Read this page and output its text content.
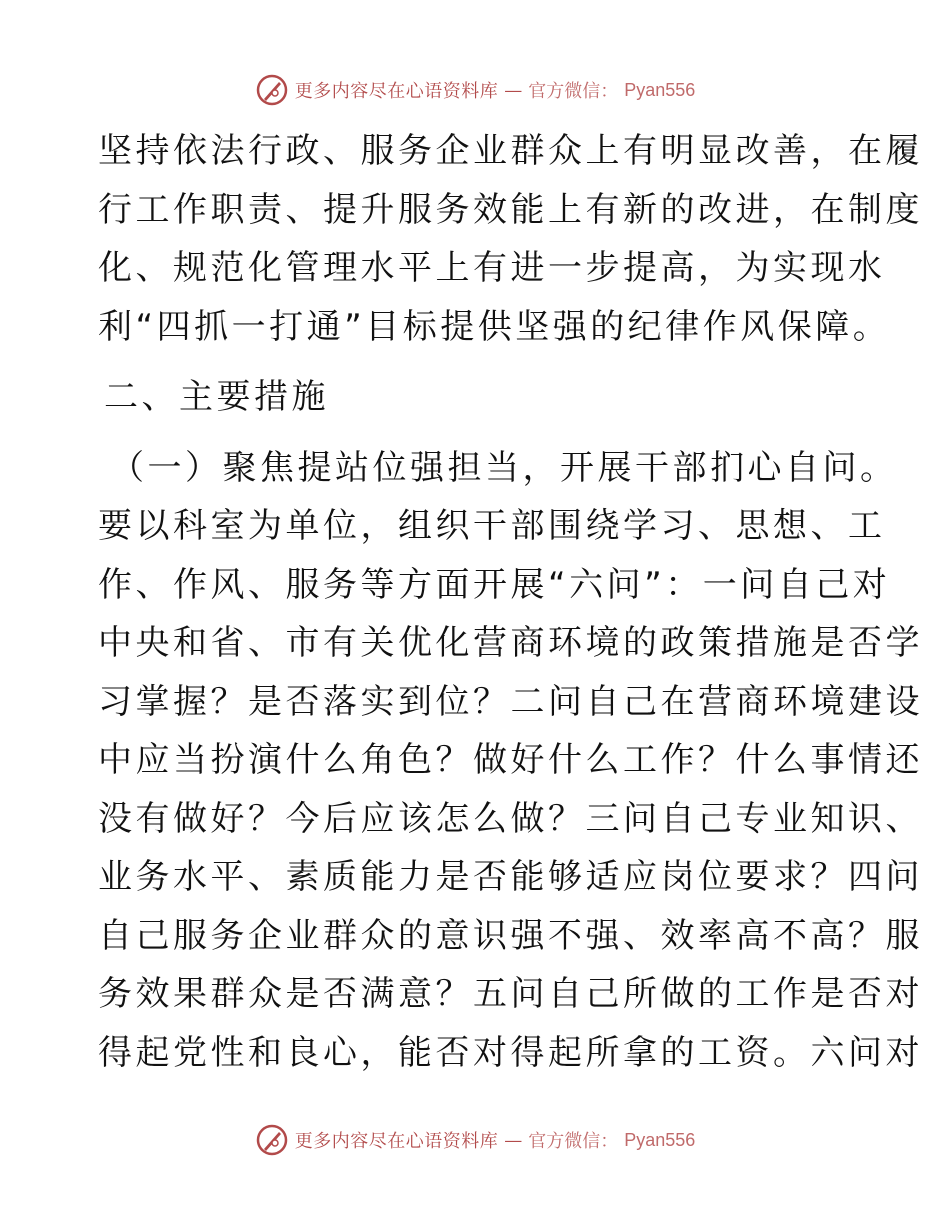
更多内容尽在心语资料库 — 官方微信： Pyan556
坚持依法行政、服务企业群众上有明显改善，在履
行工作职责、提升服务效能上有新的改进，在制度
化、规范化管理水平上有进一步提高，为实现水
利“四抓一打通”目标提供坚强的纪律作风保障。
二、主要措施
（一）聚焦提站位强担当，开展干部扪心自问。
要以科室为单位，组织干部围绕学习、思想、工
作、作风、服务等方面开展“六问”：一问自己对
中央和省、市有关优化营商环境的政策措施是否学
习掌握？是否落实到位？二问自己在营商环境建设
中应当扮演什么角色？做好什么工作？什么事情还
没有做好？今后应该怎么做？三问自己专业知识、
业务水平、素质能力是否能够适应岗位要求？四问
自己服务企业群众的意识强不强、效率高不高？服
务效果群众是否满意？五问自己所做的工作是否对
得起党性和良心，能否对得起所拿的工资。六问对
更多内容尽在心语资料库 — 官方微信： Pyan556
